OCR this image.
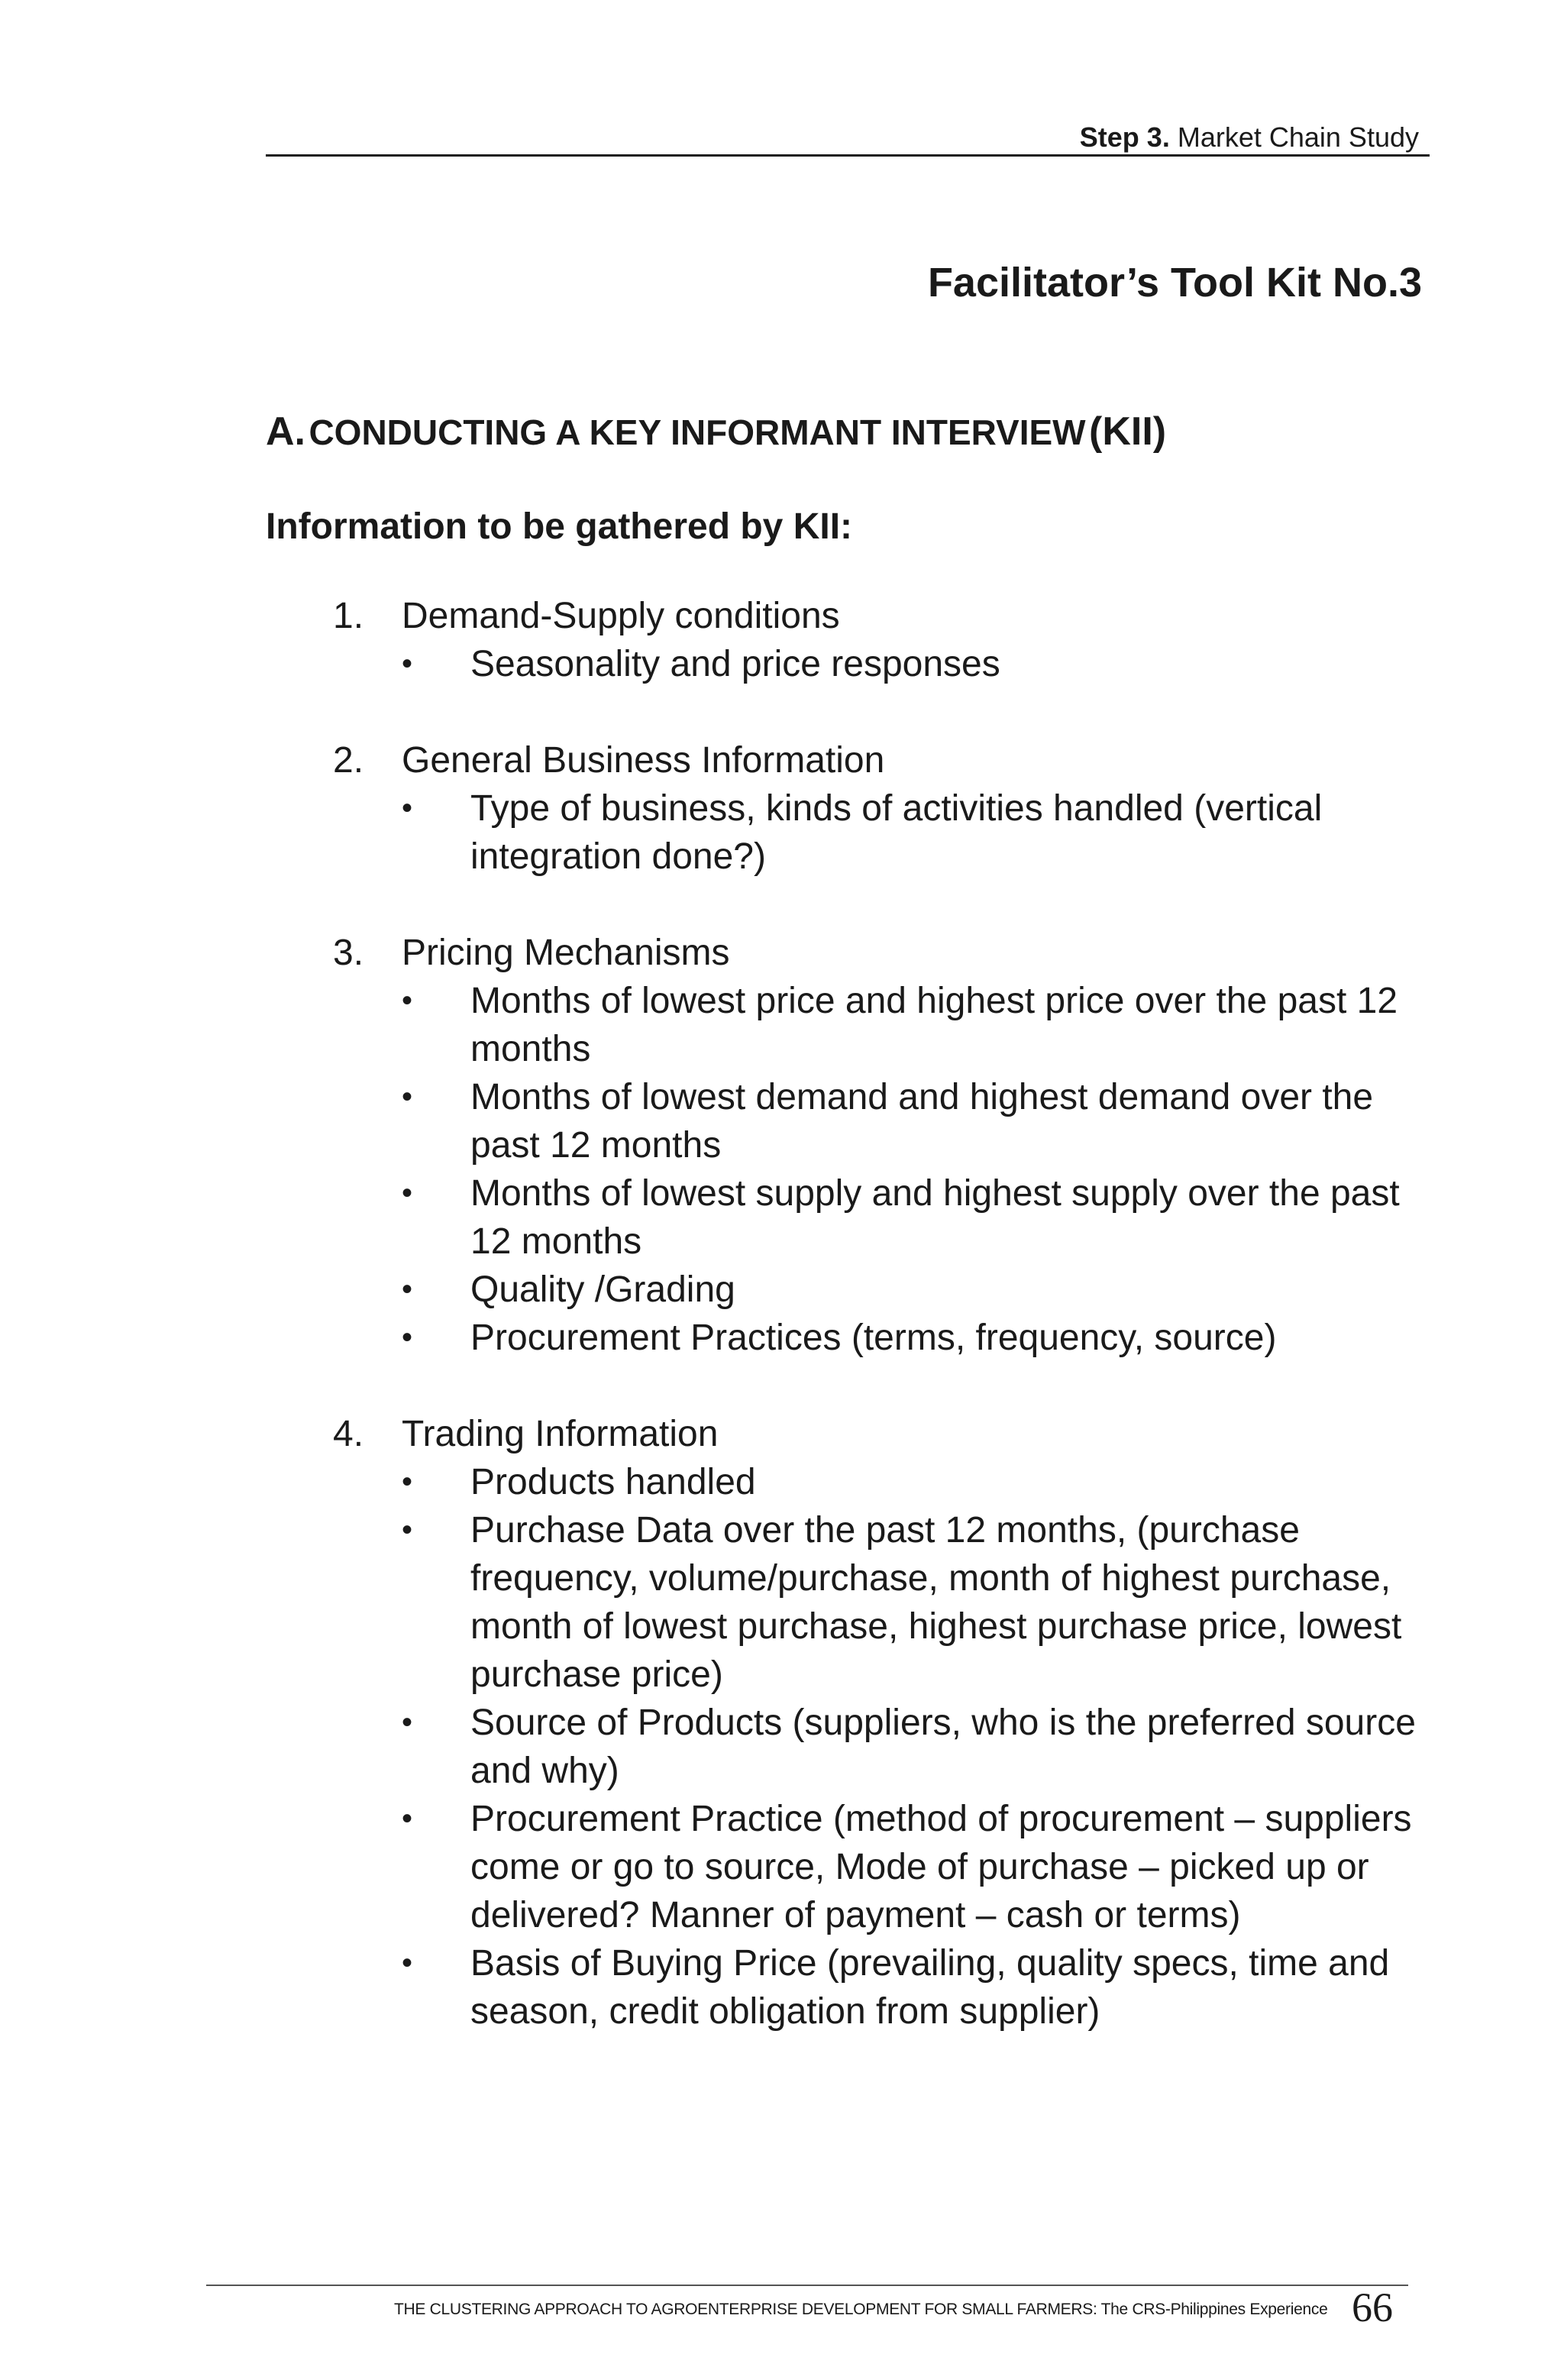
Step 3. Market Chain Study
Facilitator’s Tool Kit No.3
A. CONDUCTING A KEY INFORMANT INTERVIEW (KII)
Information to be gathered by KII:
1.	Demand-Supply conditions
•	Seasonality and price responses
2.	General Business Information
•	Type of business, kinds of activities handled (vertical integration done?)
3.	Pricing Mechanisms
•	Months of lowest price and highest price over the past 12 months
•	Months of lowest demand and highest demand over the past 12 months
•	Months of lowest supply and highest supply over the past 12 months
•	Quality /Grading
•	Procurement Practices (terms, frequency, source)
4.	Trading Information
•	Products handled
•	Purchase Data over the past 12 months, (purchase frequency, volume/purchase, month of highest purchase, month of lowest purchase, highest purchase price, lowest purchase price)
•	Source of Products (suppliers, who is the preferred source and why)
•	Procurement Practice (method of procurement – suppliers come or go to source, Mode of purchase – picked up or delivered? Manner of payment – cash or terms)
•	Basis of Buying Price (prevailing, quality specs, time and season, credit obligation from supplier)
THE CLUSTERING APPROACH TO AGROENTERPRISE DEVELOPMENT FOR SMALL FARMERS: The CRS-Philippines Experience 66
